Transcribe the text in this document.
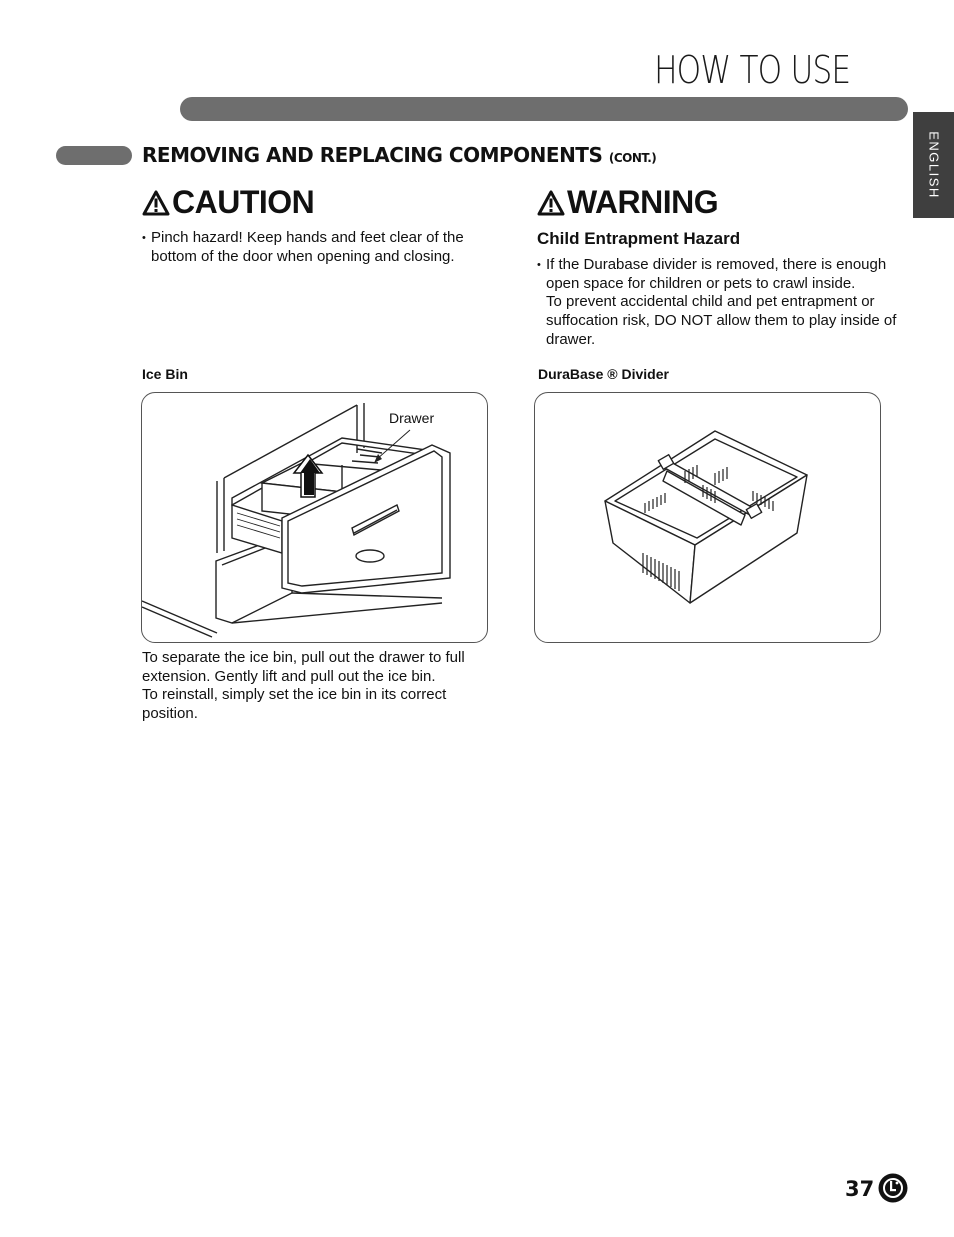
HOW TO USE
ENGLISH
REMOVING AND REPLACING COMPONENTS (CONT.)
CAUTION
• Pinch hazard! Keep hands and feet clear of the bottom of the door when opening and closing.
WARNING
Child Entrapment Hazard
• If the Durabase divider is removed, there is enough open space for children or pets to crawl inside.
To prevent accidental child and pet entrapment or suffocation risk, DO NOT allow them to play inside of drawer.
Ice Bin	DuraBase ® Divider
Drawer
To separate the ice bin, pull out the drawer to full extension. Gently lift and pull out the ice bin.
To reinstall, simply set the ice bin in its correct position.
37
